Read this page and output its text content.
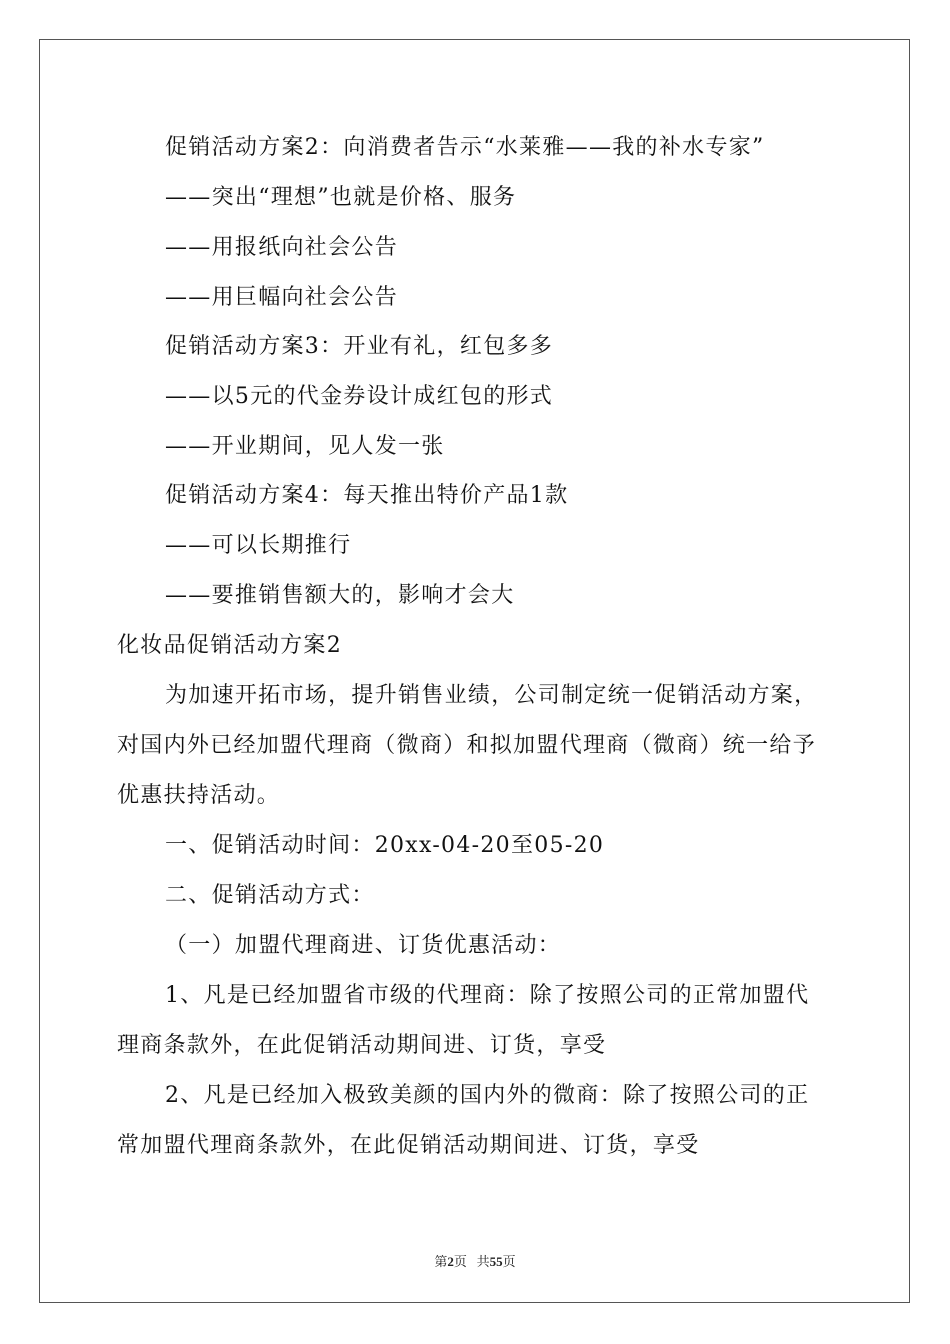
促销活动方案2：向消费者告示“水莱雅——我的补水专家”
——突出“理想”也就是价格、服务
——用报纸向社会公告
——用巨幅向社会公告
促销活动方案3：开业有礼，红包多多
——以5元的代金券设计成红包的形式
——开业期间，见人发一张
促销活动方案4：每天推出特价产品1款
——可以长期推行
——要推销售额大的，影响才会大
化妆品促销活动方案2
为加速开拓市场，提升销售业绩，公司制定统一促销活动方案，
对国内外已经加盟代理商（微商）和拟加盟代理商（微商）统一给予
优惠扶持活动。
一、促销活动时间：20xx-04-20至05-20
二、促销活动方式：
（一）加盟代理商进、订货优惠活动：
1、凡是已经加盟省市级的代理商：除了按照公司的正常加盟代
理商条款外，在此促销活动期间进、订货，享受
2、凡是已经加入极致美颜的国内外的微商：除了按照公司的正
常加盟代理商条款外，在此促销活动期间进、订货，享受
第2页 共55页
